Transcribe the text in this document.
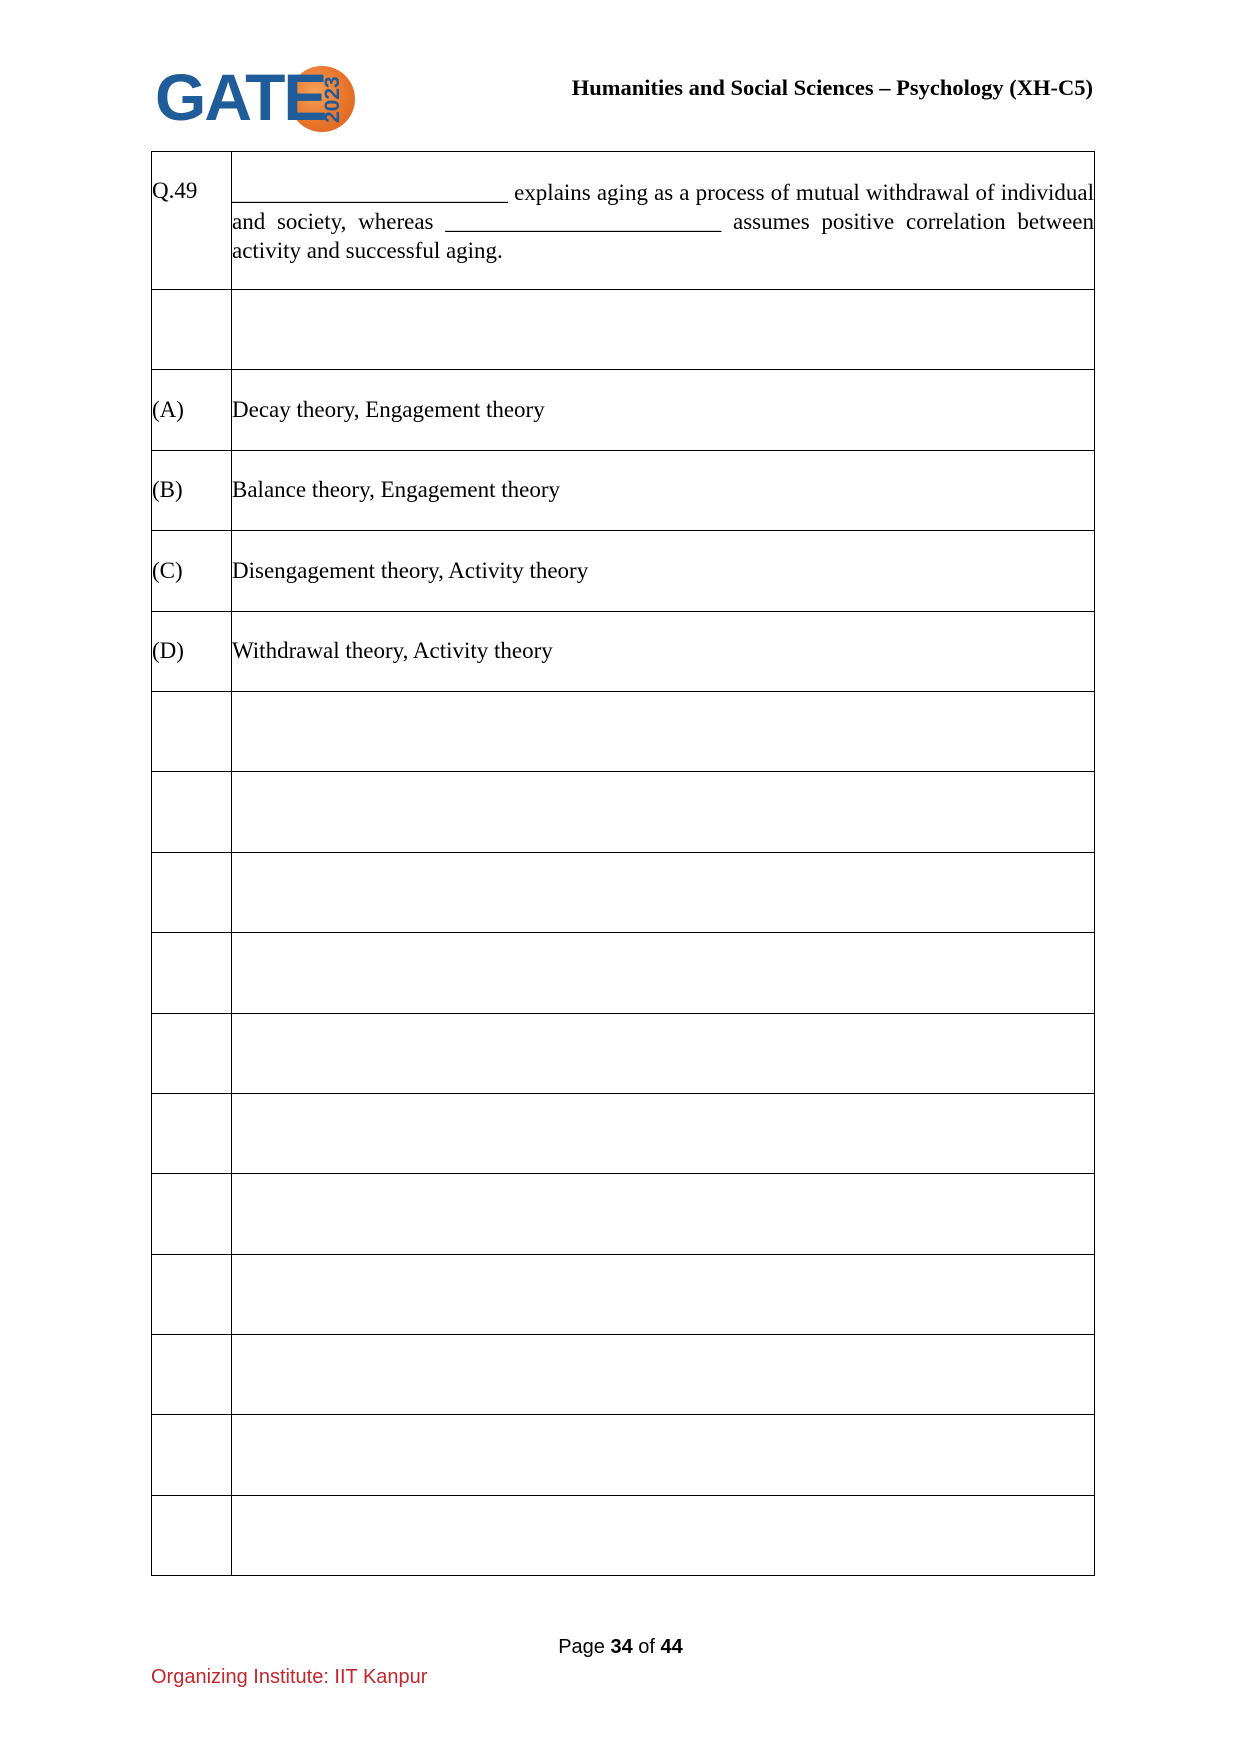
GATE
2023	Humanities and Social Sciences – Psychology (XH-C5)
Q.49	________________________ explains aging as a process of mutual withdrawal of individual and society, whereas ________________________ assumes positive correlation between activity and successful aging.

(A)	Decay theory, Engagement theory
(B)	Balance theory, Engagement theory
(C)	Disengagement theory, Activity theory
(D)	Withdrawal theory, Activity theory

Page 34 of 44
Organizing Institute: IIT Kanpur
